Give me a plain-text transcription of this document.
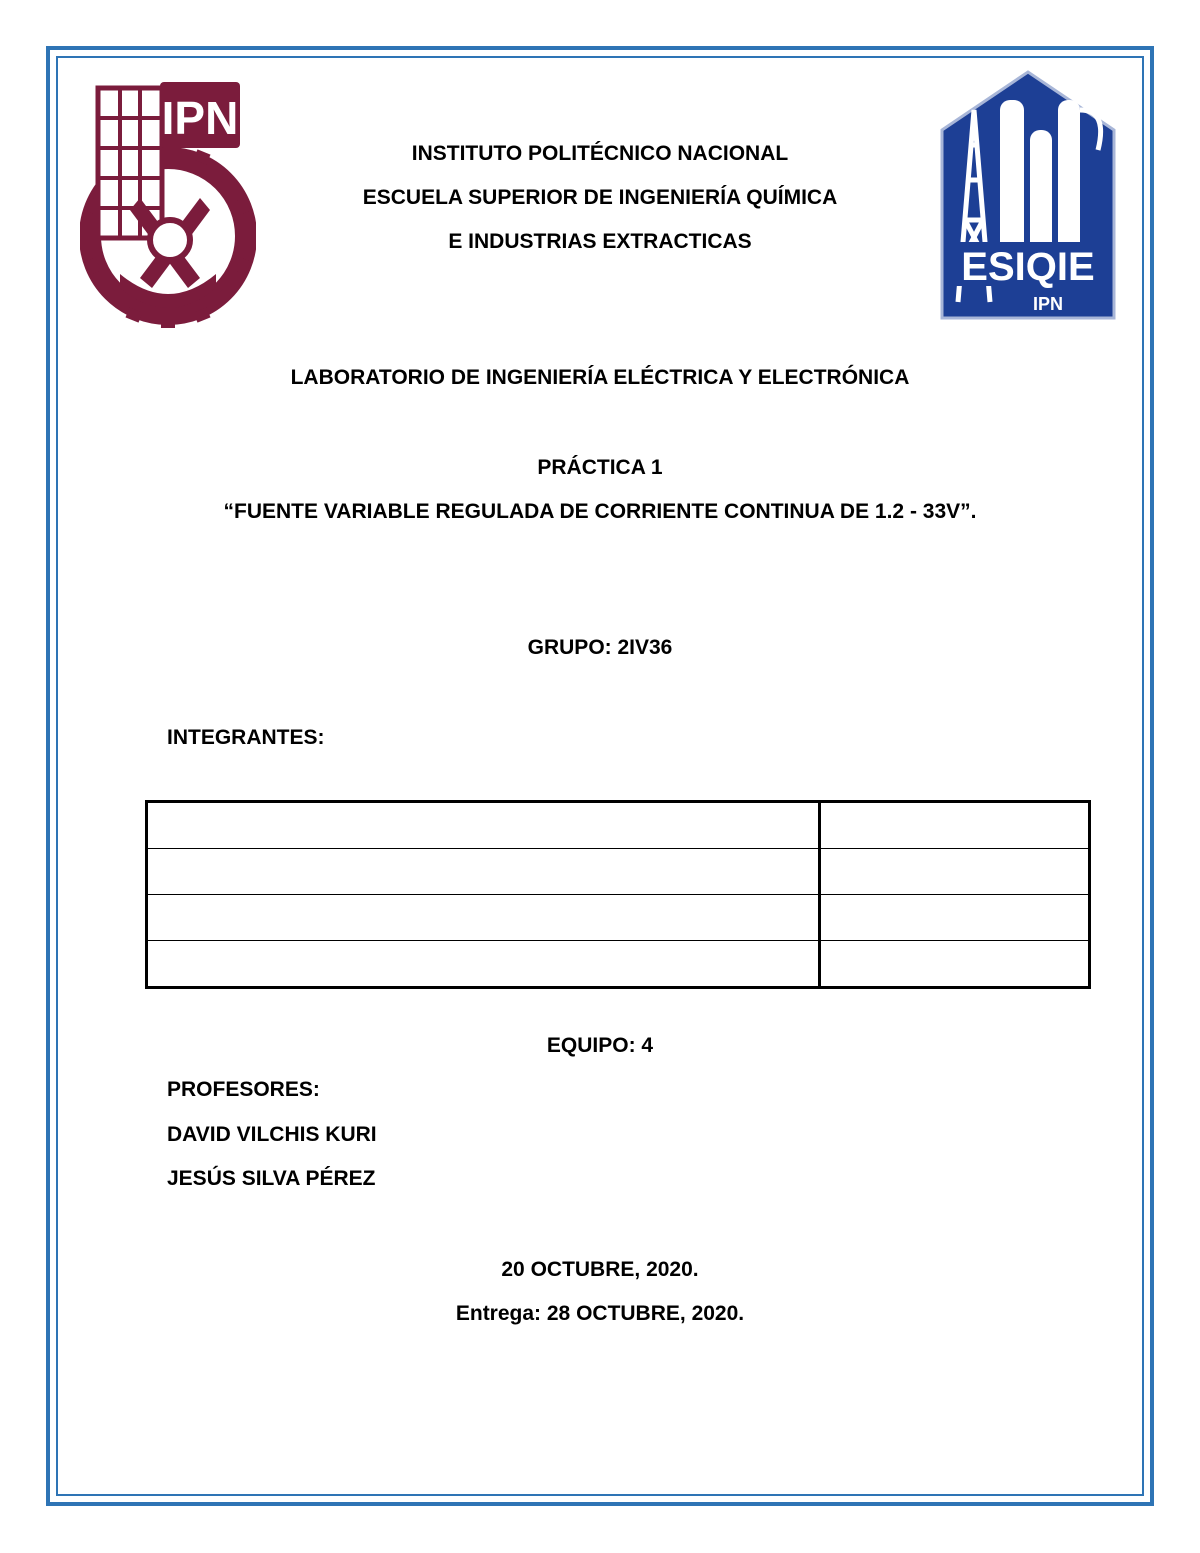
IPN
ESIQIE
IPN
INSTITUTO POLITÉCNICO NACIONAL
ESCUELA SUPERIOR DE INGENIERÍA QUÍMICA
E INDUSTRIAS EXTRACTICAS
LABORATORIO DE INGENIERÍA ELÉCTRICA Y ELECTRÓNICA
PRÁCTICA 1
“FUENTE VARIABLE REGULADA DE CORRIENTE CONTINUA DE 1.2 - 33V”.
GRUPO: 2IV36
INTEGRANTES:

EQUIPO: 4
PROFESORES:
DAVID VILCHIS KURI
JESÚS SILVA PÉREZ
20 OCTUBRE, 2020.
Entrega: 28 OCTUBRE, 2020.
